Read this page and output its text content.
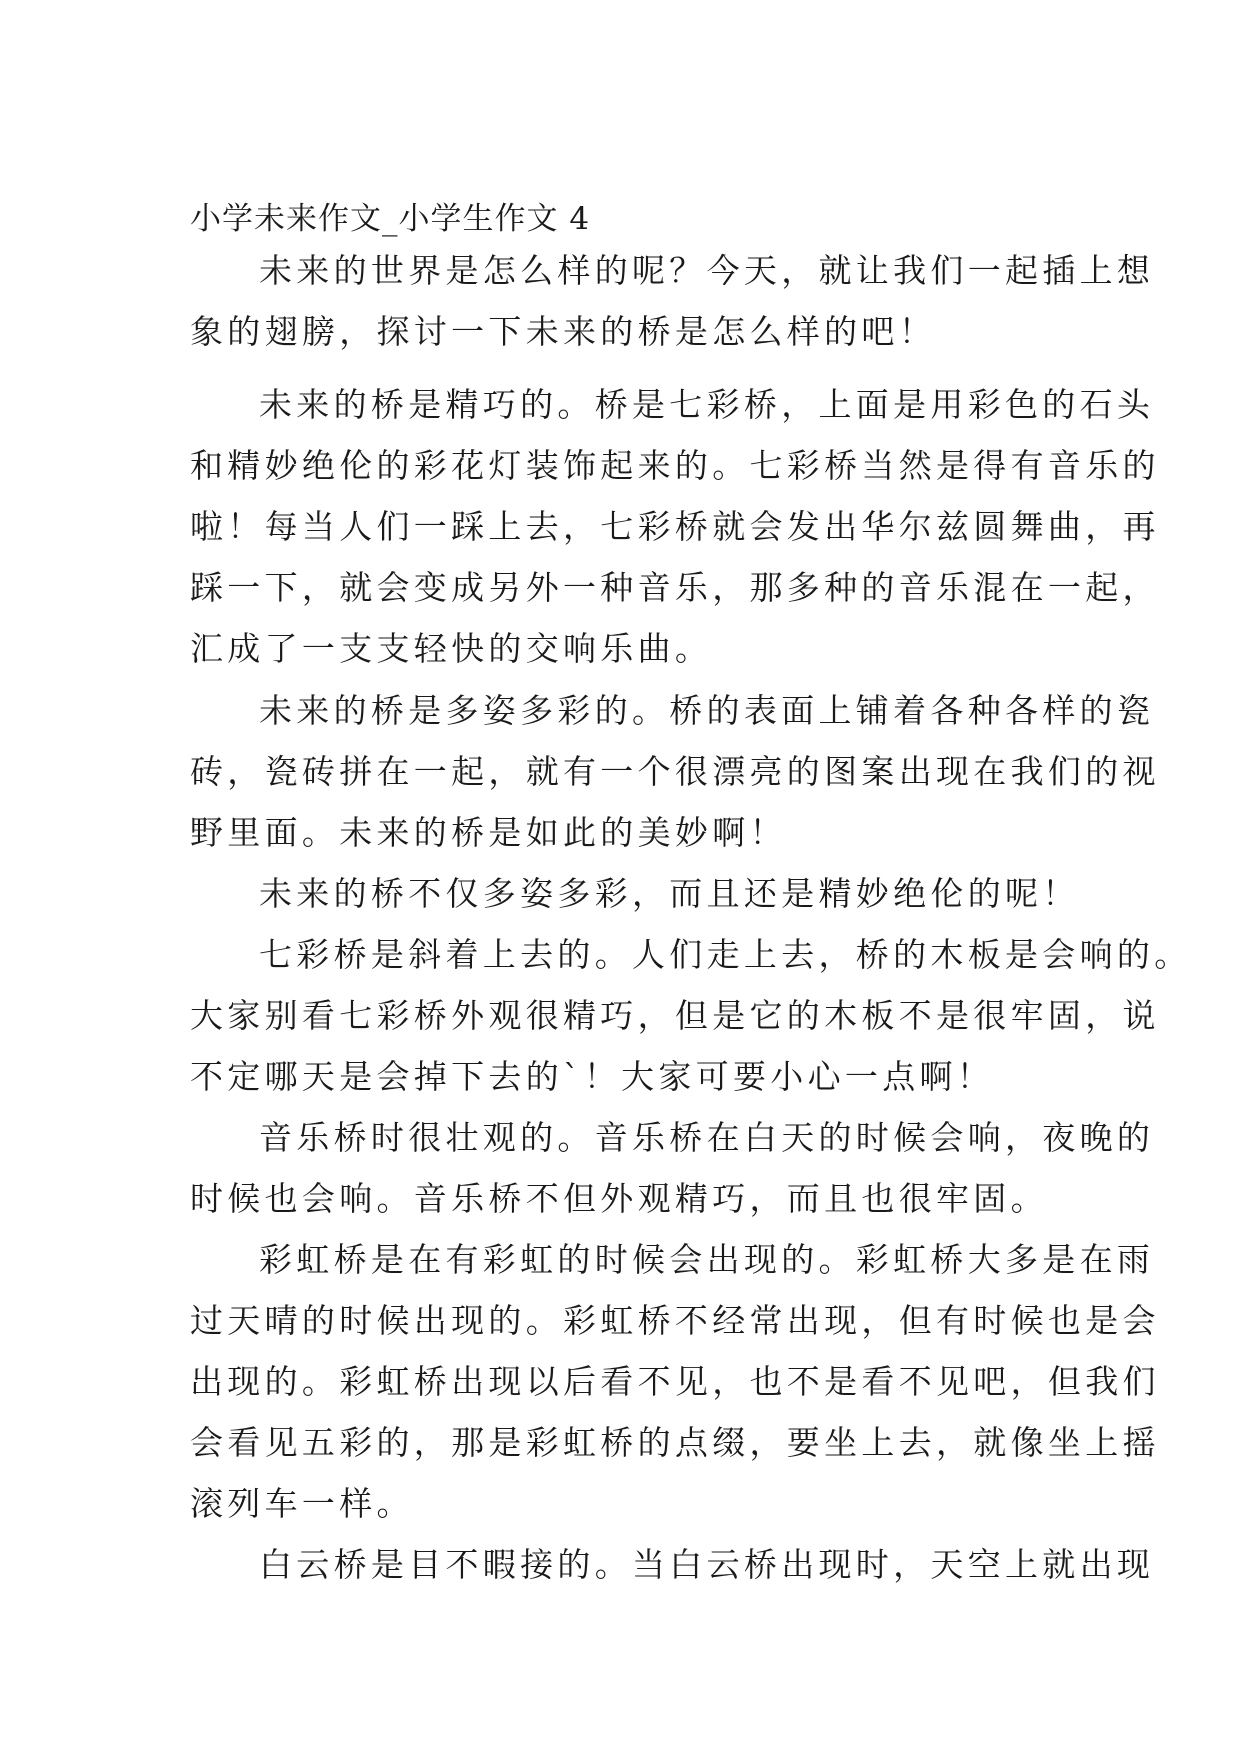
小学未来作文_小学生作文 4
未来的世界是怎么样的呢？今天，就让我们一起插上想
象的翅膀，探讨一下未来的桥是怎么样的吧！
未来的桥是精巧的。桥是七彩桥，上面是用彩色的石头
和精妙绝伦的彩花灯装饰起来的。七彩桥当然是得有音乐的
啦！每当人们一踩上去，七彩桥就会发出华尔兹圆舞曲，再
踩一下，就会变成另外一种音乐，那多种的音乐混在一起，
汇成了一支支轻快的交响乐曲。
未来的桥是多姿多彩的。桥的表面上铺着各种各样的瓷
砖，瓷砖拼在一起，就有一个很漂亮的图案出现在我们的视
野里面。未来的桥是如此的美妙啊！
未来的桥不仅多姿多彩，而且还是精妙绝伦的呢！
七彩桥是斜着上去的。人们走上去，桥的木板是会响的。
大家别看七彩桥外观很精巧，但是它的木板不是很牢固，说
不定哪天是会掉下去的`！大家可要小心一点啊！
音乐桥时很壮观的。音乐桥在白天的时候会响，夜晚的
时候也会响。音乐桥不但外观精巧，而且也很牢固。
彩虹桥是在有彩虹的时候会出现的。彩虹桥大多是在雨
过天晴的时候出现的。彩虹桥不经常出现，但有时候也是会
出现的。彩虹桥出现以后看不见，也不是看不见吧，但我们
会看见五彩的，那是彩虹桥的点缀，要坐上去，就像坐上摇
滚列车一样。
白云桥是目不暇接的。当白云桥出现时，天空上就出现
